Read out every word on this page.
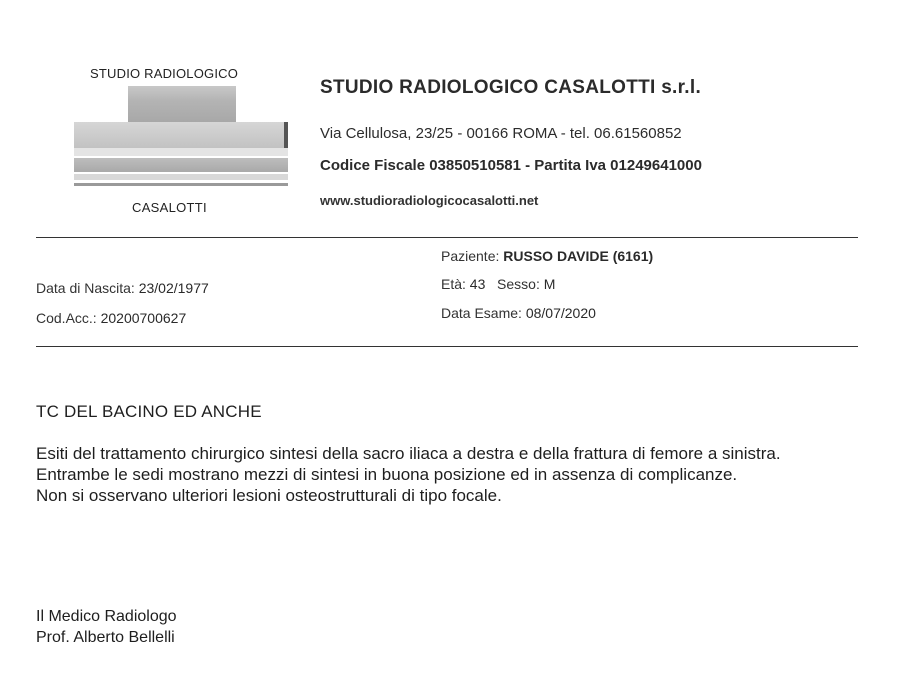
STUDIO RADIOLOGICO
CASALOTTI
STUDIO RADIOLOGICO CASALOTTI s.r.l.
Via Cellulosa, 23/25 - 00166 ROMA - tel. 06.61560852
Codice Fiscale 03850510581 - Partita Iva 01249641000
www.studioradiologicocasalotti.net
Paziente: RUSSO DAVIDE (6161)
Data di Nascita: 23/02/1977	Età: 43 Sesso: M
Cod.Acc.: 20200700627	Data Esame: 08/07/2020
TC DEL BACINO ED ANCHE

Esiti del trattamento chirurgico sintesi della sacro iliaca a destra e della frattura di femore a sinistra.

Entrambe le sedi mostrano mezzi di sintesi in buona posizione ed in assenza di complicanze.

Non si osservano ulteriori lesioni osteostrutturali di tipo focale.

Il Medico Radiologo
Prof. Alberto Bellelli
